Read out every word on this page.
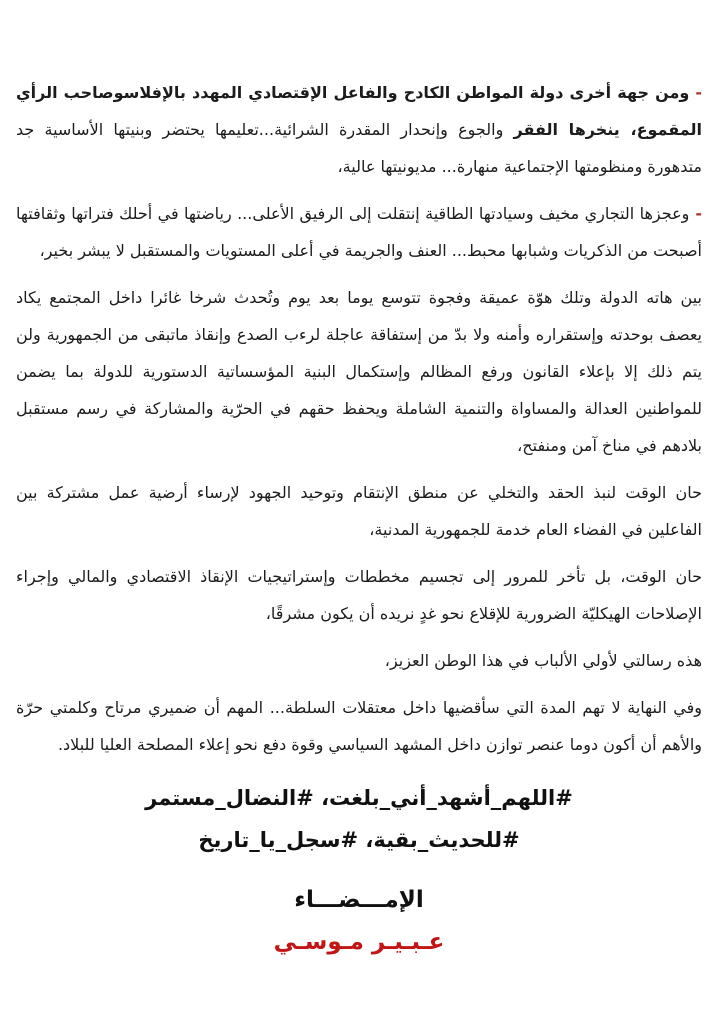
-ومن جهة أخرى دولة المواطن الكادح والفاعل الإقتصادي المهدد بالإفلاسوصاحب الرأي المقموع، ينخرها الفقر والجوع وإنحدار المقدرة الشرائية...تعليمها يحتضر وبنيتها الأساسية جد متدهورة ومنظومتها الإجتماعية منهارة... مديونيتها عالية،

-وعجزها التجاري مخيف وسيادتها الطاقية إنتقلت إلى الرفيق الأعلى... رياضتها في أحلك فتراتها وثقافتها أصبحت من الذكريات وشبابها محبط... العنف والجريمة في أعلى المستويات والمستقبل لا يبشر بخير،

بين هاته الدولة وتلك هوّة عميقة وفجوة تتوسع يوما بعد يوم وتُحدث شرخا غائرا داخل المجتمع يكاد يعصف بوحدته وإستقراره وأمنه ولا بدّ من إستفاقة عاجلة لرءب الصدع وإنقاذ ماتبقى من الجمهورية ولن يتم ذلك إلا بإعلاء القانون ورفع المظالم وإستكمال البنية المؤسساتية الدستورية للدولة بما يضمن للمواطنين العدالة والمساواة والتنمية الشاملة ويحفظ حقهم في الحرّية والمشاركة في رسم مستقبل بلادهم في مناخ آمن ومنفتح،

حان الوقت لنبذ الحقد والتخلي عن منطق الإنتقام وتوحيد الجهود لإرساء أرضية عمل مشتركة بين الفاعلين في الفضاء العام خدمة للجمهورية المدنية،

حان الوقت، بل تأخر للمرور إلى تجسيم مخططات وإستراتيجيات الإنقاذ الاقتصادي والمالي وإجراء الإصلاحات الهيكليّة الضرورية للإقلاع نحو غدٍ نريده أن يكون مشرقًا،

هذه رسالتي لأولي الألباب في هذا الوطن العزيز،

وفي النهاية لا تهم المدة التي سأقضيها داخل معتقلات السلطة... المهم أن ضميري مرتاح وكلمتي حرّة والأهم أن أكون دوما عنصر توازن داخل المشهد السياسي وقوة دفع نحو إعلاء المصلحة العليا للبلاد.

#اللهم_أشهد_أني_بلغت، #النضال_مستمر
#للحديث_بقية، #سجل_يا_تاريخ
الإمـــضـــاء
عـبـيـر مـوسـي
